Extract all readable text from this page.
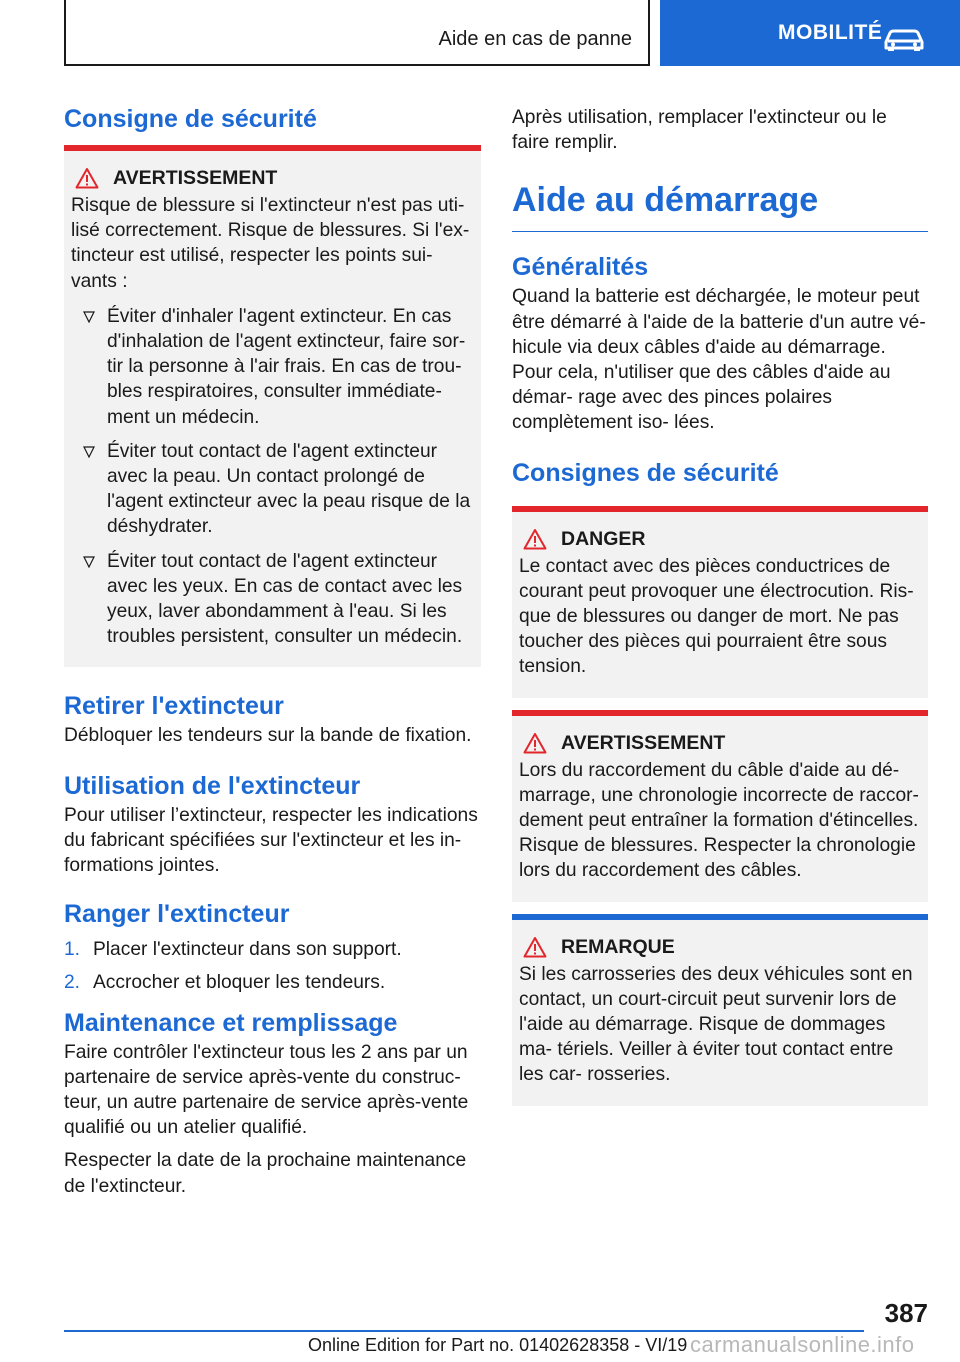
Aide en cas de panne	MOBILITÉ
Consigne de sécurité
AVERTISSEMENT

Risque de blessure si l'extincteur n'est pas uti- lisé correctement. Risque de blessures. Si l'ex- tincteur est utilisé, respecter les points sui- vants :

Éviter d'inhaler l'agent extincteur. En cas d'inhalation de l'agent extincteur, faire sor- tir la personne à l'air frais. En cas de trou- bles respiratoires, consulter immédiate- ment un médecin.
Éviter tout contact de l'agent extincteur avec la peau. Un contact prolongé de l'agent extincteur avec la peau risque de la déshydrater.
Éviter tout contact de l'agent extincteur avec les yeux. En cas de contact avec les yeux, laver abondamment à l'eau. Si les troubles persistent, consulter un médecin.
Retirer l'extincteur

Débloquer les tendeurs sur la bande de fixation.

Utilisation de l'extincteur

Pour utiliser l’extincteur, respecter les indications du fabricant spécifiées sur l'extincteur et les in- formations jointes.

Ranger l'extincteur
1. Placer l'extincteur dans son support.
2. Accrocher et bloquer les tendeurs.
Maintenance et remplissage

Faire contrôler l'extincteur tous les 2 ans par un partenaire de service après-vente du construc- teur, un autre partenaire de service après-vente qualifié ou un atelier qualifié.

Respecter la date de la prochaine maintenance de l'extincteur.

Après utilisation, remplacer l'extincteur ou le faire remplir.

Aide au démarrage
Généralités

Quand la batterie est déchargée, le moteur peut être démarré à l'aide de la batterie d'un autre vé- hicule via deux câbles d'aide au démarrage. Pour cela, n'utiliser que des câbles d'aide au démar- rage avec des pinces polaires complètement iso- lées.

Consignes de sécurité
DANGER

Le contact avec des pièces conductrices de courant peut provoquer une électrocution. Ris- que de blessures ou danger de mort. Ne pas toucher des pièces qui pourraient être sous tension.

AVERTISSEMENT

Lors du raccordement du câble d'aide au dé- marrage, une chronologie incorrecte de raccor- dement peut entraîner la formation d'étincelles. Risque de blessures. Respecter la chronologie lors du raccordement des câbles.

REMARQUE

Si les carrosseries des deux véhicules sont en contact, un court-circuit peut survenir lors de l'aide au démarrage. Risque de dommages ma- tériels. Veiller à éviter tout contact entre les car- rosseries.

387
Online Edition for Part no. 01402628358 - VI/19 carmanualsonline.info
